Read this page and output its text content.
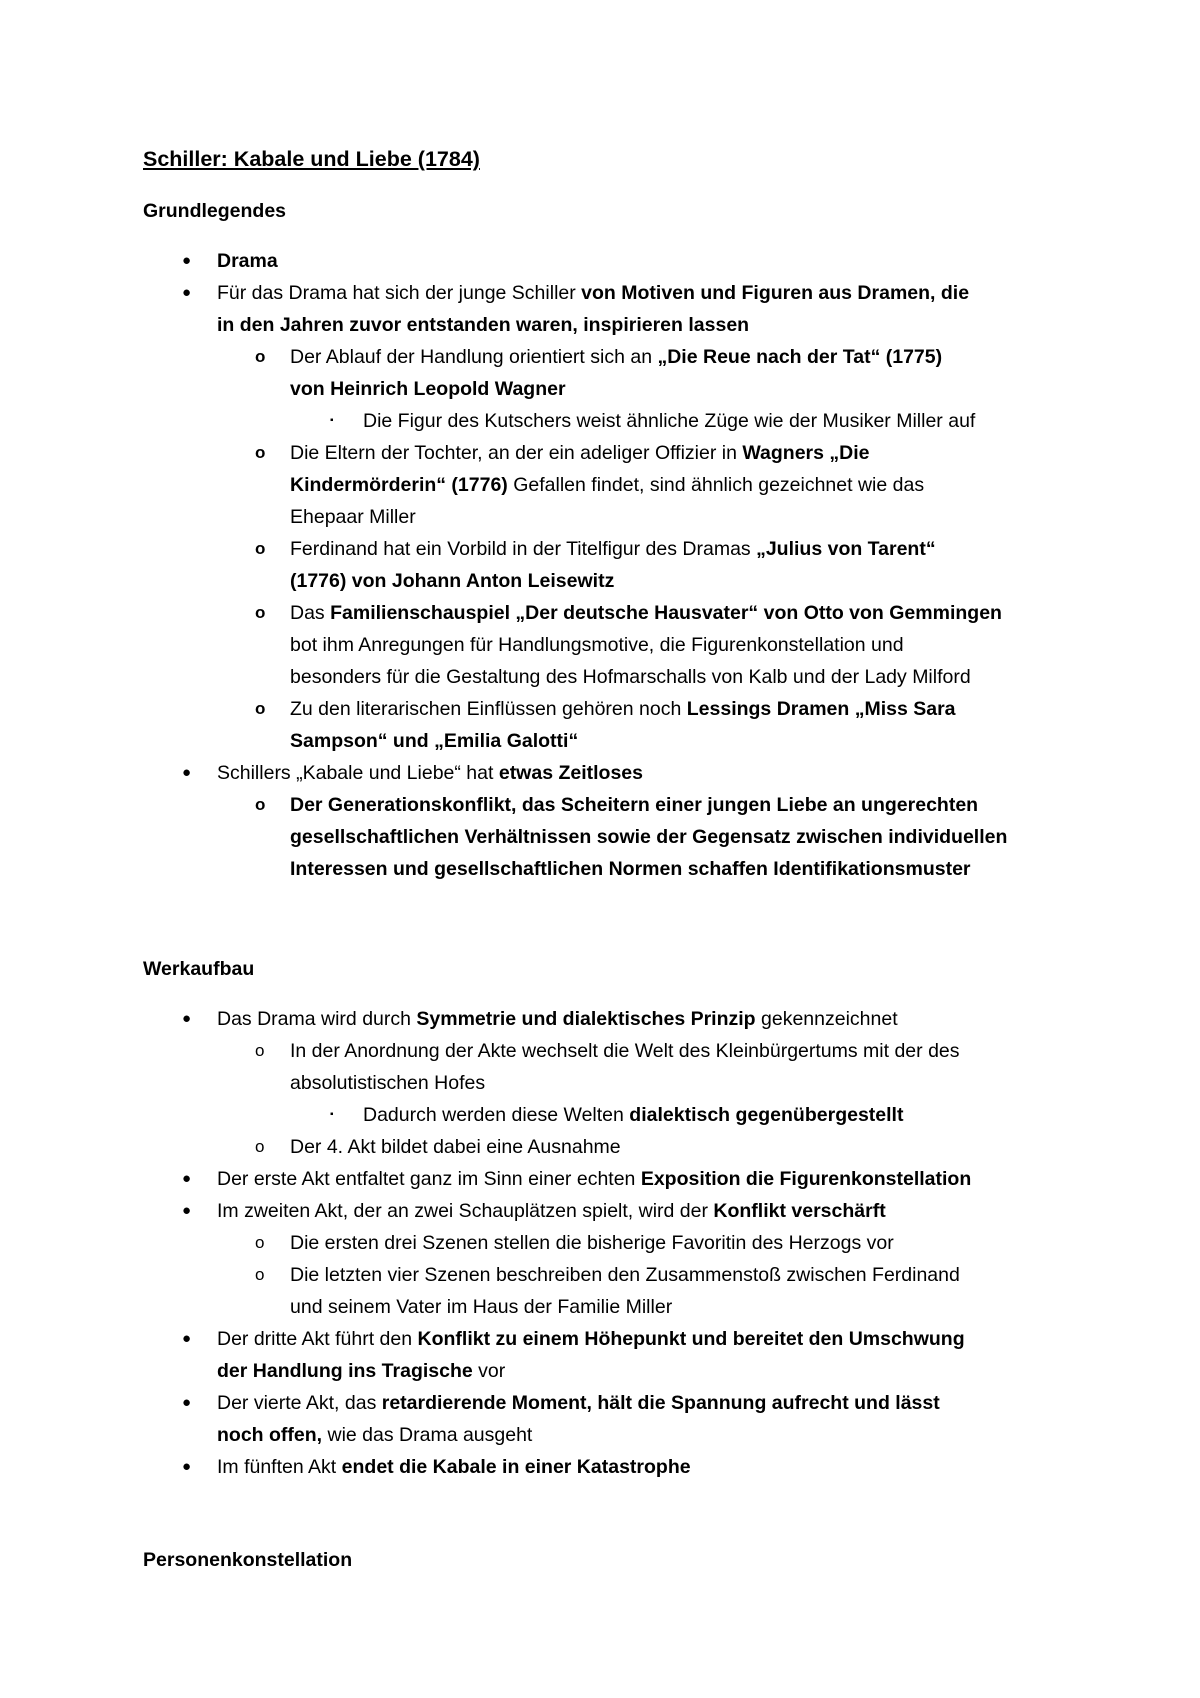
Schiller: Kabale und Liebe (1784)
Grundlegendes
● Drama
● Für das Drama hat sich der junge Schiller von Motiven und Figuren aus Dramen, die
in den Jahren zuvor entstanden waren, inspirieren lassen
o Der Ablauf der Handlung orientiert sich an „Die Reue nach der Tat“ (1775)
von Heinrich Leopold Wagner
▪ Die Figur des Kutschers weist ähnliche Züge wie der Musiker Miller auf
o Die Eltern der Tochter, an der ein adeliger Offizier in Wagners „Die
Kindermörderin“ (1776) Gefallen findet, sind ähnlich gezeichnet wie das
Ehepaar Miller
o Ferdinand hat ein Vorbild in der Titelfigur des Dramas „Julius von Tarent“
(1776) von Johann Anton Leisewitz
o Das Familienschauspiel „Der deutsche Hausvater“ von Otto von Gemmingen
bot ihm Anregungen für Handlungsmotive, die Figurenkonstellation und
besonders für die Gestaltung des Hofmarschalls von Kalb und der Lady Milford
o Zu den literarischen Einflüssen gehören noch Lessings Dramen „Miss Sara
Sampson“ und „Emilia Galotti“
● Schillers „Kabale und Liebe“ hat etwas Zeitloses
o Der Generationskonflikt, das Scheitern einer jungen Liebe an ungerechten
gesellschaftlichen Verhältnissen sowie der Gegensatz zwischen individuellen
Interessen und gesellschaftlichen Normen schaffen Identifikationsmuster
Werkaufbau
● Das Drama wird durch Symmetrie und dialektisches Prinzip gekennzeichnet
o In der Anordnung der Akte wechselt die Welt des Kleinbürgertums mit der des
absolutistischen Hofes
▪ Dadurch werden diese Welten dialektisch gegenübergestellt
o Der 4. Akt bildet dabei eine Ausnahme
● Der erste Akt entfaltet ganz im Sinn einer echten Exposition die Figurenkonstellation
● Im zweiten Akt, der an zwei Schauplätzen spielt, wird der Konflikt verschärft
o Die ersten drei Szenen stellen die bisherige Favoritin des Herzogs vor
o Die letzten vier Szenen beschreiben den Zusammenstoß zwischen Ferdinand
und seinem Vater im Haus der Familie Miller
● Der dritte Akt führt den Konflikt zu einem Höhepunkt und bereitet den Umschwung
der Handlung ins Tragische vor
● Der vierte Akt, das retardierende Moment, hält die Spannung aufrecht und lässt
noch offen, wie das Drama ausgeht
● Im fünften Akt endet die Kabale in einer Katastrophe
Personenkonstellation
